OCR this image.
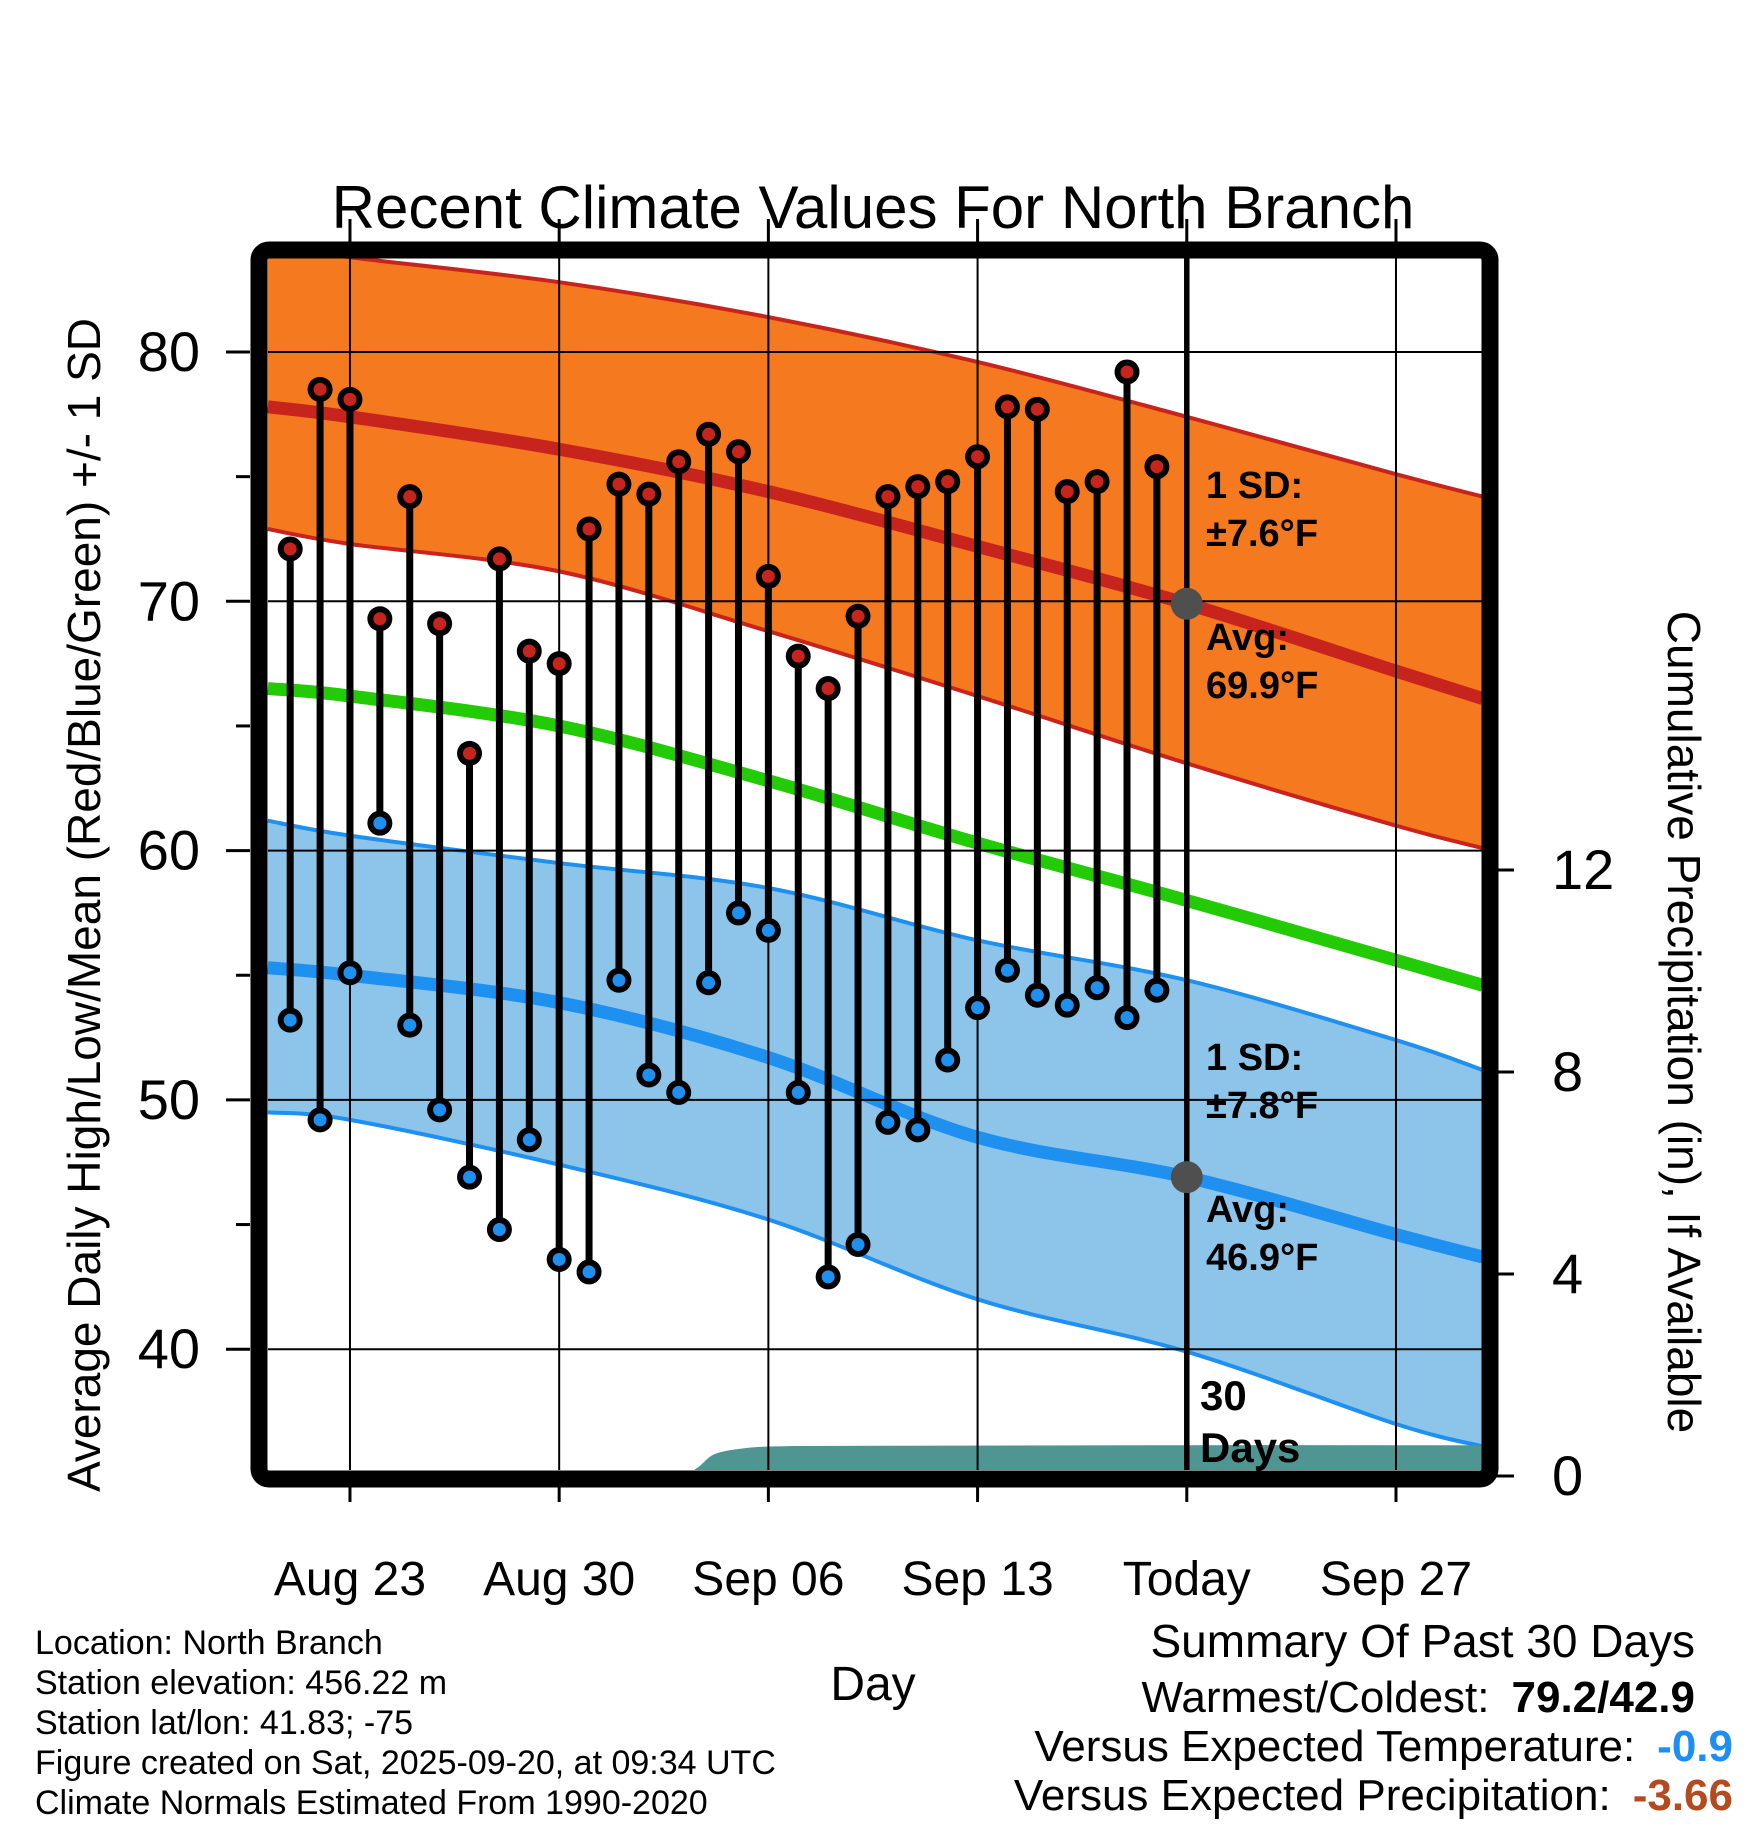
40
50
60
70
80
Aug 23 Aug 30 Sep 06 Sep 13 Today Sep 27
0
4
8
12
Recent Climate Values For North Branch
Average Daily High/Low/Mean (Red/Blue/Green) +/- 1 SD	Cumulative Precipitation (in), If Available
Day
1 SD:
±7.6°F
Avg:
69.9°F
1 SD:
±7.8°F
Avg:
46.9°F
30
Days
Location: North Branch
Station elevation: 456.22 m
Station lat/lon: 41.83; -75
Figure created on Sat, 2025-09-20, at 09:34 UTC
Climate Normals Estimated From 1990-2020
Summary Of Past 30 Days
Warmest/Coldest: 79.2/42.9
Versus Expected Temperature: -0.9
Versus Expected Precipitation: -3.66
